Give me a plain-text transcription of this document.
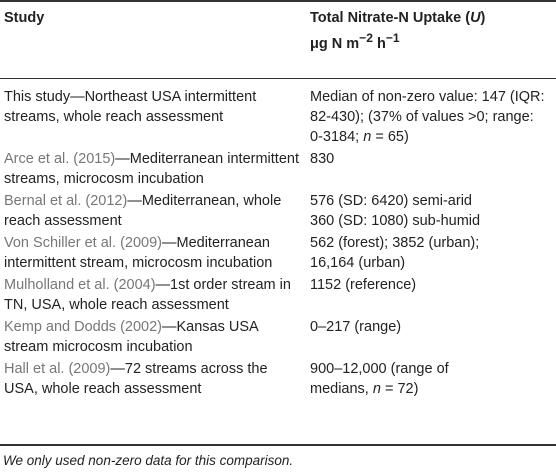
Study	Total Nitrate-N Uptake (U)
μg N $m^{-2}$ $h^{-1}$
This study—Northeast USA intermittent streams, whole reach assessment	Median of non-zero value: 147 (IQR:
82-430); (37% of values >0; range:
0-3184; n = 65)
Arce et al. (2015)—Mediterranean intermittent streams, microcosm incubation	830
Bernal et al. (2012)—Mediterranean, whole reach assessment	576 (SD: 6420) semi-arid
360 (SD: 1080) sub-humid
Von Schiller et al. (2009)—Mediterranean intermittent stream, microcosm incubation	562 (forest); 3852 (urban);
16,164 (urban)
Mulholland et al. (2004)—1st order stream in TN, USA, whole reach assessment	1152 (reference)
Kemp and Dodds (2002)—Kansas USA stream microcosm incubation	0–217 (range)
Hall et al. (2009)—72 streams across the USA, whole reach assessment	900–12,000 (range of
medians, n = 72)
We only used non-zero data for this comparison.
